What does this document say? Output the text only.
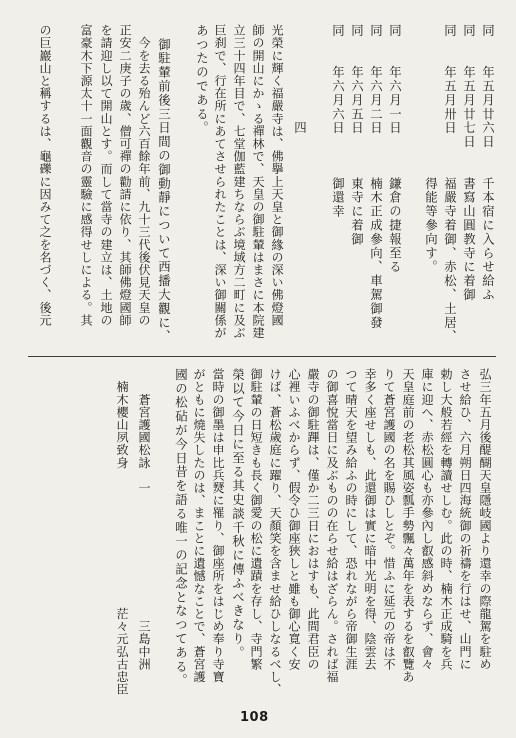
同　　年五月廿六日　　千本宿に入らせ給ふ
同　　年五月廿七日　　書寫山圓教寺に着御
同　　年五月卅日　　　福嚴寺着御、赤松、土居、
　　　　　　　　　　　得能等參向す。
同　　年六月一日　　　鎌倉の捷報至る
同　　年六月二日　　　楠木正成參向、車駕御發
同　　年六月五日　　　東寺に着御
同　　年六月六日　　　御還幸
　　　　　　　四
光榮に輝く福嚴寺は、佛擧上天皇と御緣の深い佛燈國
師の開山にかゝる禪林で、天皇の御駐輦はまさに本院建
立三十四年目で、七堂伽藍建ちならぶ境域方二町に及ぶ
巨刹で、行在所にあてさせられたことは、深い御關係が
あつたのである。
　御駐輦前後三日間の御動靜について西播大觀に、
　今を去る殆んど六百餘年前、九十三代後伏見天皇の
正安二庚子の歲、僧可禪の勸請に依り、其師佛燈國師
を請迎し以て開山とす。而して當寺の建立は、土地の
富豪木下源太十一面觀音の靈驗に感得せしによる。其
の巨巖山と稱するは、龜礫に因みて之を名づく、後元
弘三年五月後醍醐天皇隱岐國より還幸の際龍駕を駐め
させ給ひ、六月朔日四海統御の祈禱を行はせ、山門に
勅し大般若經を轉讀せしむ。此の時、楠木正成騎を兵
庫に迎へ、赤松圓心も亦參內し叡感斜めならず、會々
天皇庭前の老松其風姿瓢手勢飄々萬年を表するを叡覽あ
りて蒼宮護國の名を賜ひしとぞ。惜ふに延元の帝は不
幸多く座せしも、此還御は實に暗中光明を得、陰雲去
つて晴天を望み給ふの時にして、恐れながら帝御生涯
の御喜悅當日に及ぶものの在らせ給はざらん。されば福
嚴寺の御駐蹕は、僅か二三日におはすも、此間君臣の
心裡いふべからず、假令ひ御座狹しと雖も御心寬く安
けば、蒼松歲庭に躍り、天顏笑を含ませ給ひしなるべし、
御駐輦の日短きも長く御愛の松に遺蹟を存し、寺門繁
榮以て今日に至る其史談千秋に傳ふべきなり。
當時の御墨は申比兵燹に罹り、御座所をはじめ奉り寺寶
がともに燒失したのは、まことに遺憾なことで、蒼宮護
國の松砧が今日昔を語る唯一の記念となつてある。
　　蒼宮護國松詠　一　　　　　　　　　　三島中洲
　楠木櫻山夙致身　　　　　　　　　　　茫々元弘古忠臣
108
